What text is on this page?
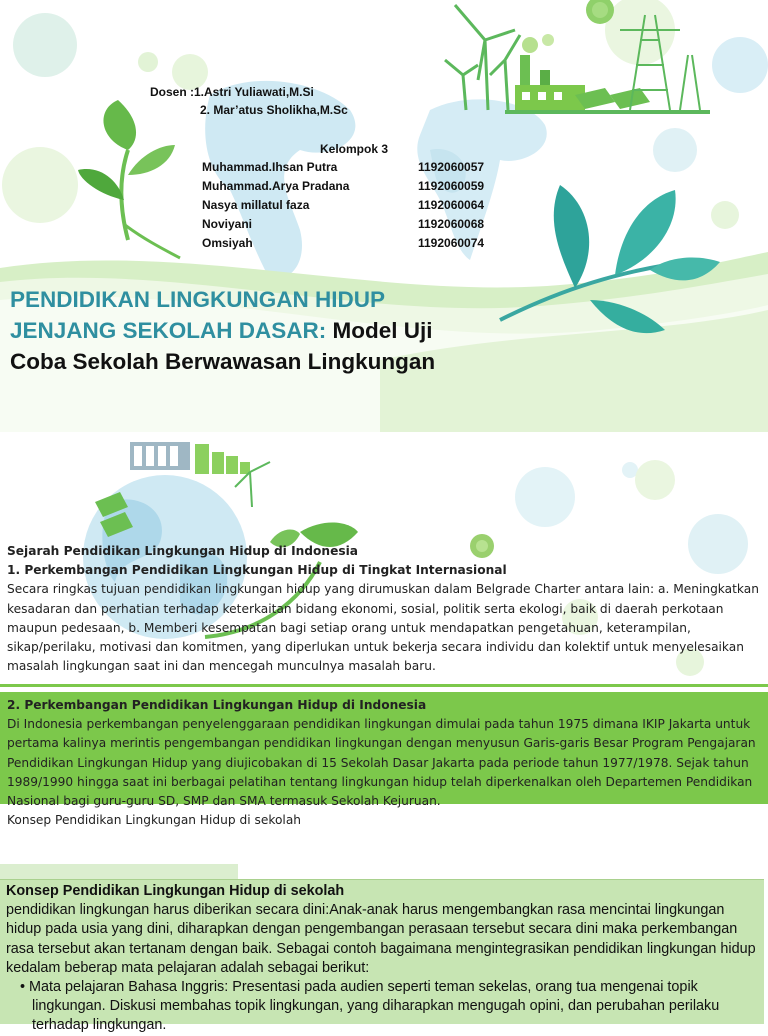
Dosen :1.Astri Yuliawati,M.Si
2. Mar’atus Sholikha,M.Sc
Kelompok 3
Muhammad.Ihsan Putra	1192060057
Muhammad.Arya Pradana	1192060059
Nasya millatul faza	1192060064
Noviyani	1192060068
Omsiyah	1192060074
PENDIDIKAN LINGKUNGAN HIDUP JENJANG SEKOLAH DASAR: Model Uji Coba Sekolah Berwawasan Lingkungan
Sejarah Pendidikan Lingkungan Hidup di Indonesia
1. Perkembangan Pendidikan Lingkungan Hidup di Tingkat Internasional
Secara ringkas tujuan pendidikan lingkungan hidup yang dirumuskan dalam Belgrade Charter antara lain: a. Meningkatkan kesadaran dan perhatian terhadap keterkaitan bidang ekonomi, sosial, politik serta ekologi, baik di daerah perkotaan maupun pedesaan, b. Memberi kesempatan bagi setiap orang untuk mendapatkan pengetahuan, keterampilan, sikap/perilaku, motivasi dan komitmen, yang diperlukan untuk bekerja secara individu dan kolektif untuk menyelesaikan masalah lingkungan saat ini dan mencegah munculnya masalah baru.
2. Perkembangan Pendidikan Lingkungan Hidup di Indonesia
Di Indonesia perkembangan penyelenggaraan pendidikan lingkungan dimulai pada tahun 1975 dimana IKIP Jakarta untuk pertama kalinya merintis pengembangan pendidikan lingkungan dengan menyusun Garis-garis Besar Program Pengajaran Pendidikan Lingkungan Hidup yang diujicobakan di 15 Sekolah Dasar Jakarta pada periode tahun 1977/1978. Sejak tahun 1989/1990 hingga saat ini berbagai pelatihan tentang lingkungan hidup telah diperkenalkan oleh Departemen Pendidikan Nasional bagi guru-guru SD, SMP dan SMA termasuk Sekolah Kejuruan.
Konsep Pendidikan Lingkungan Hidup di sekolah
Konsep Pendidikan Lingkungan Hidup di sekolah
pendidikan lingkungan harus diberikan secara dini:Anak-anak harus mengembangkan rasa mencintai lingkungan hidup pada usia yang dini, diharapkan dengan pengembangan perasaan tersebut secara dini maka perkembangan rasa tersebut akan tertanam dengan baik. Sebagai contoh bagaimana mengintegrasikan pendidikan lingkungan hidup kedalam beberap mata pelajaran adalah sebagai berikut:
• Mata pelajaran Bahasa Inggris: Presentasi pada audien seperti teman sekelas, orang tua mengenai topik lingkungan. Diskusi membahas topik lingkungan, yang diharapkan mengugah opini, dan perubahan perilaku terhadap lingkungan.
